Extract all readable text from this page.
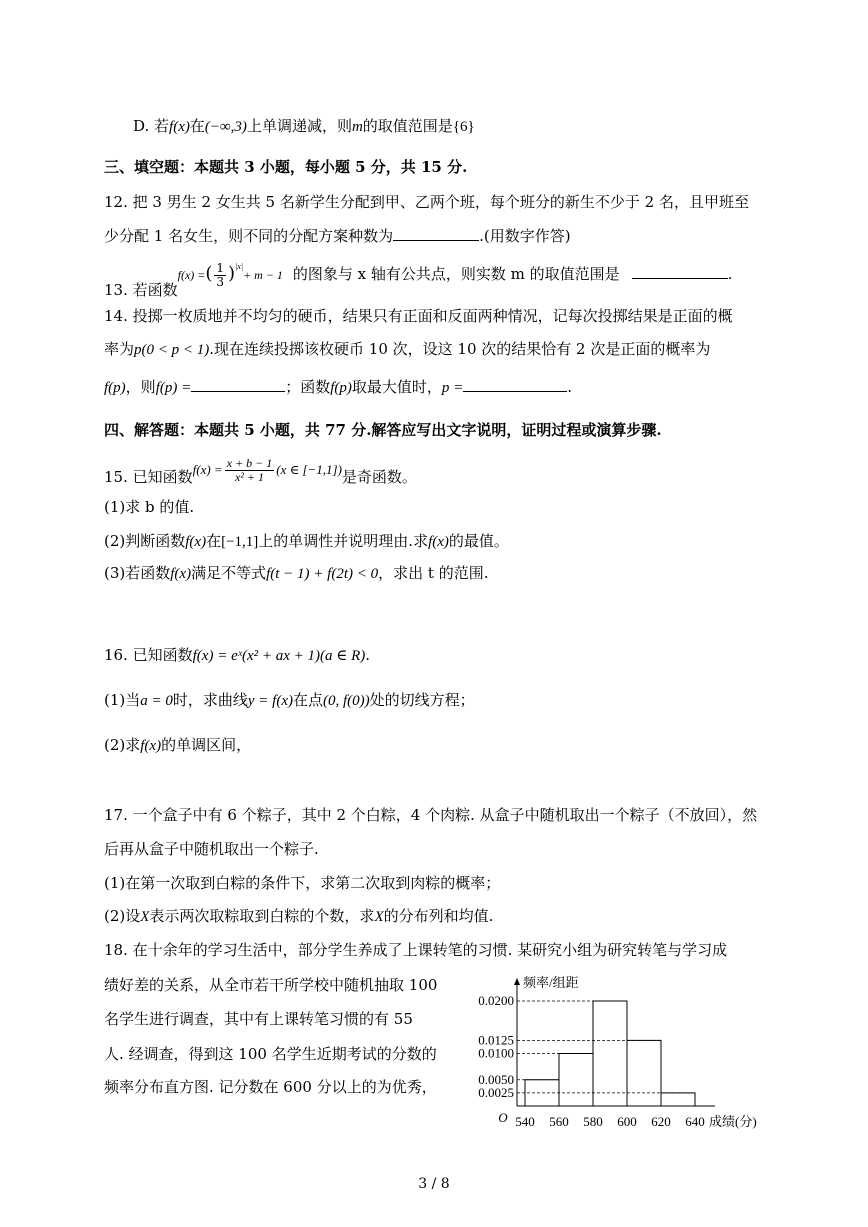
D. 若f(x)在(−∞,3)上单调递减，则m的取值范围是{6}
三、填空题：本题共 3 小题，每小题 5 分，共 15 分.
12. 把 3 男生 2 女生共 5 名新学生分配到甲、乙两个班，每个班分的新生不少于 2 名，且甲班至
少分配 1 名女生，则不同的分配方案种数为	.(用数字作答)
13. 若函数$_{f(x) =}( \frac{1}{3} )^{|x|}_{+ m - 1}$ 的图象与 x 轴有公共点，则实数 m 的取值范围是	.
14. 投掷一枚质地并不均匀的硬币，结果只有正面和反面两种情况，记每次投掷结果是正面的概
率为p(0 < p < 1).现在连续投掷该枚硬币 10 次，设这 10 次的结果恰有 2 次是正面的概率为
f(p)，则f(p) =	；函数f(p)取最大值时，p =	.
四、解答题：本题共 5 小题，共 77 分.解答应写出文字说明，证明过程或演算步骤.
15. 已知函数$f(x) = \frac{x + b - 1}{\text{x² + 1}} (x$ ∈ [−1,1])是奇函数。
(1)求 b 的值.
(2)判断函数f(x)在[−1,1]上的单调性并说明理由.求f(x)的最值。
(3)若函数f(x)满足不等式f(t − 1) + f(2t) < 0，求出 t 的范围.
16. 已知函数f(x) = eˣ(x² + ax + 1)(a ∈ R).
(1)当a = 0时，求曲线y = f(x)在点(0, f(0))处的切线方程；
(2)求f(x)的单调区间，
17. 一个盒子中有 6 个粽子，其中 2 个白粽，4 个肉粽. 从盒子中随机取出一个粽子（不放回），然
后再从盒子中随机取出一个粽子.
(1)在第一次取到白粽的条件下，求第二次取到肉粽的概率；
(2)设X表示两次取粽取到白粽的个数，求X的分布列和均值.
18. 在十余年的学习生活中，部分学生养成了上课转笔的习惯. 某研究小组为研究转笔与学习成
绩好差的关系，从全市若干所学校中随机抽取 100
名学生进行调查，其中有上课转笔习惯的有 55
人. 经调查，得到这 100 名学生近期考试的分数的
频率分布直方图. 记分数在 600 分以上的为优秀，	0.0025
0.0050
0.0100
0.0125
0.0200
540 560 580 600 620 640 成绩(分)
频率/组距
O
3 / 8
